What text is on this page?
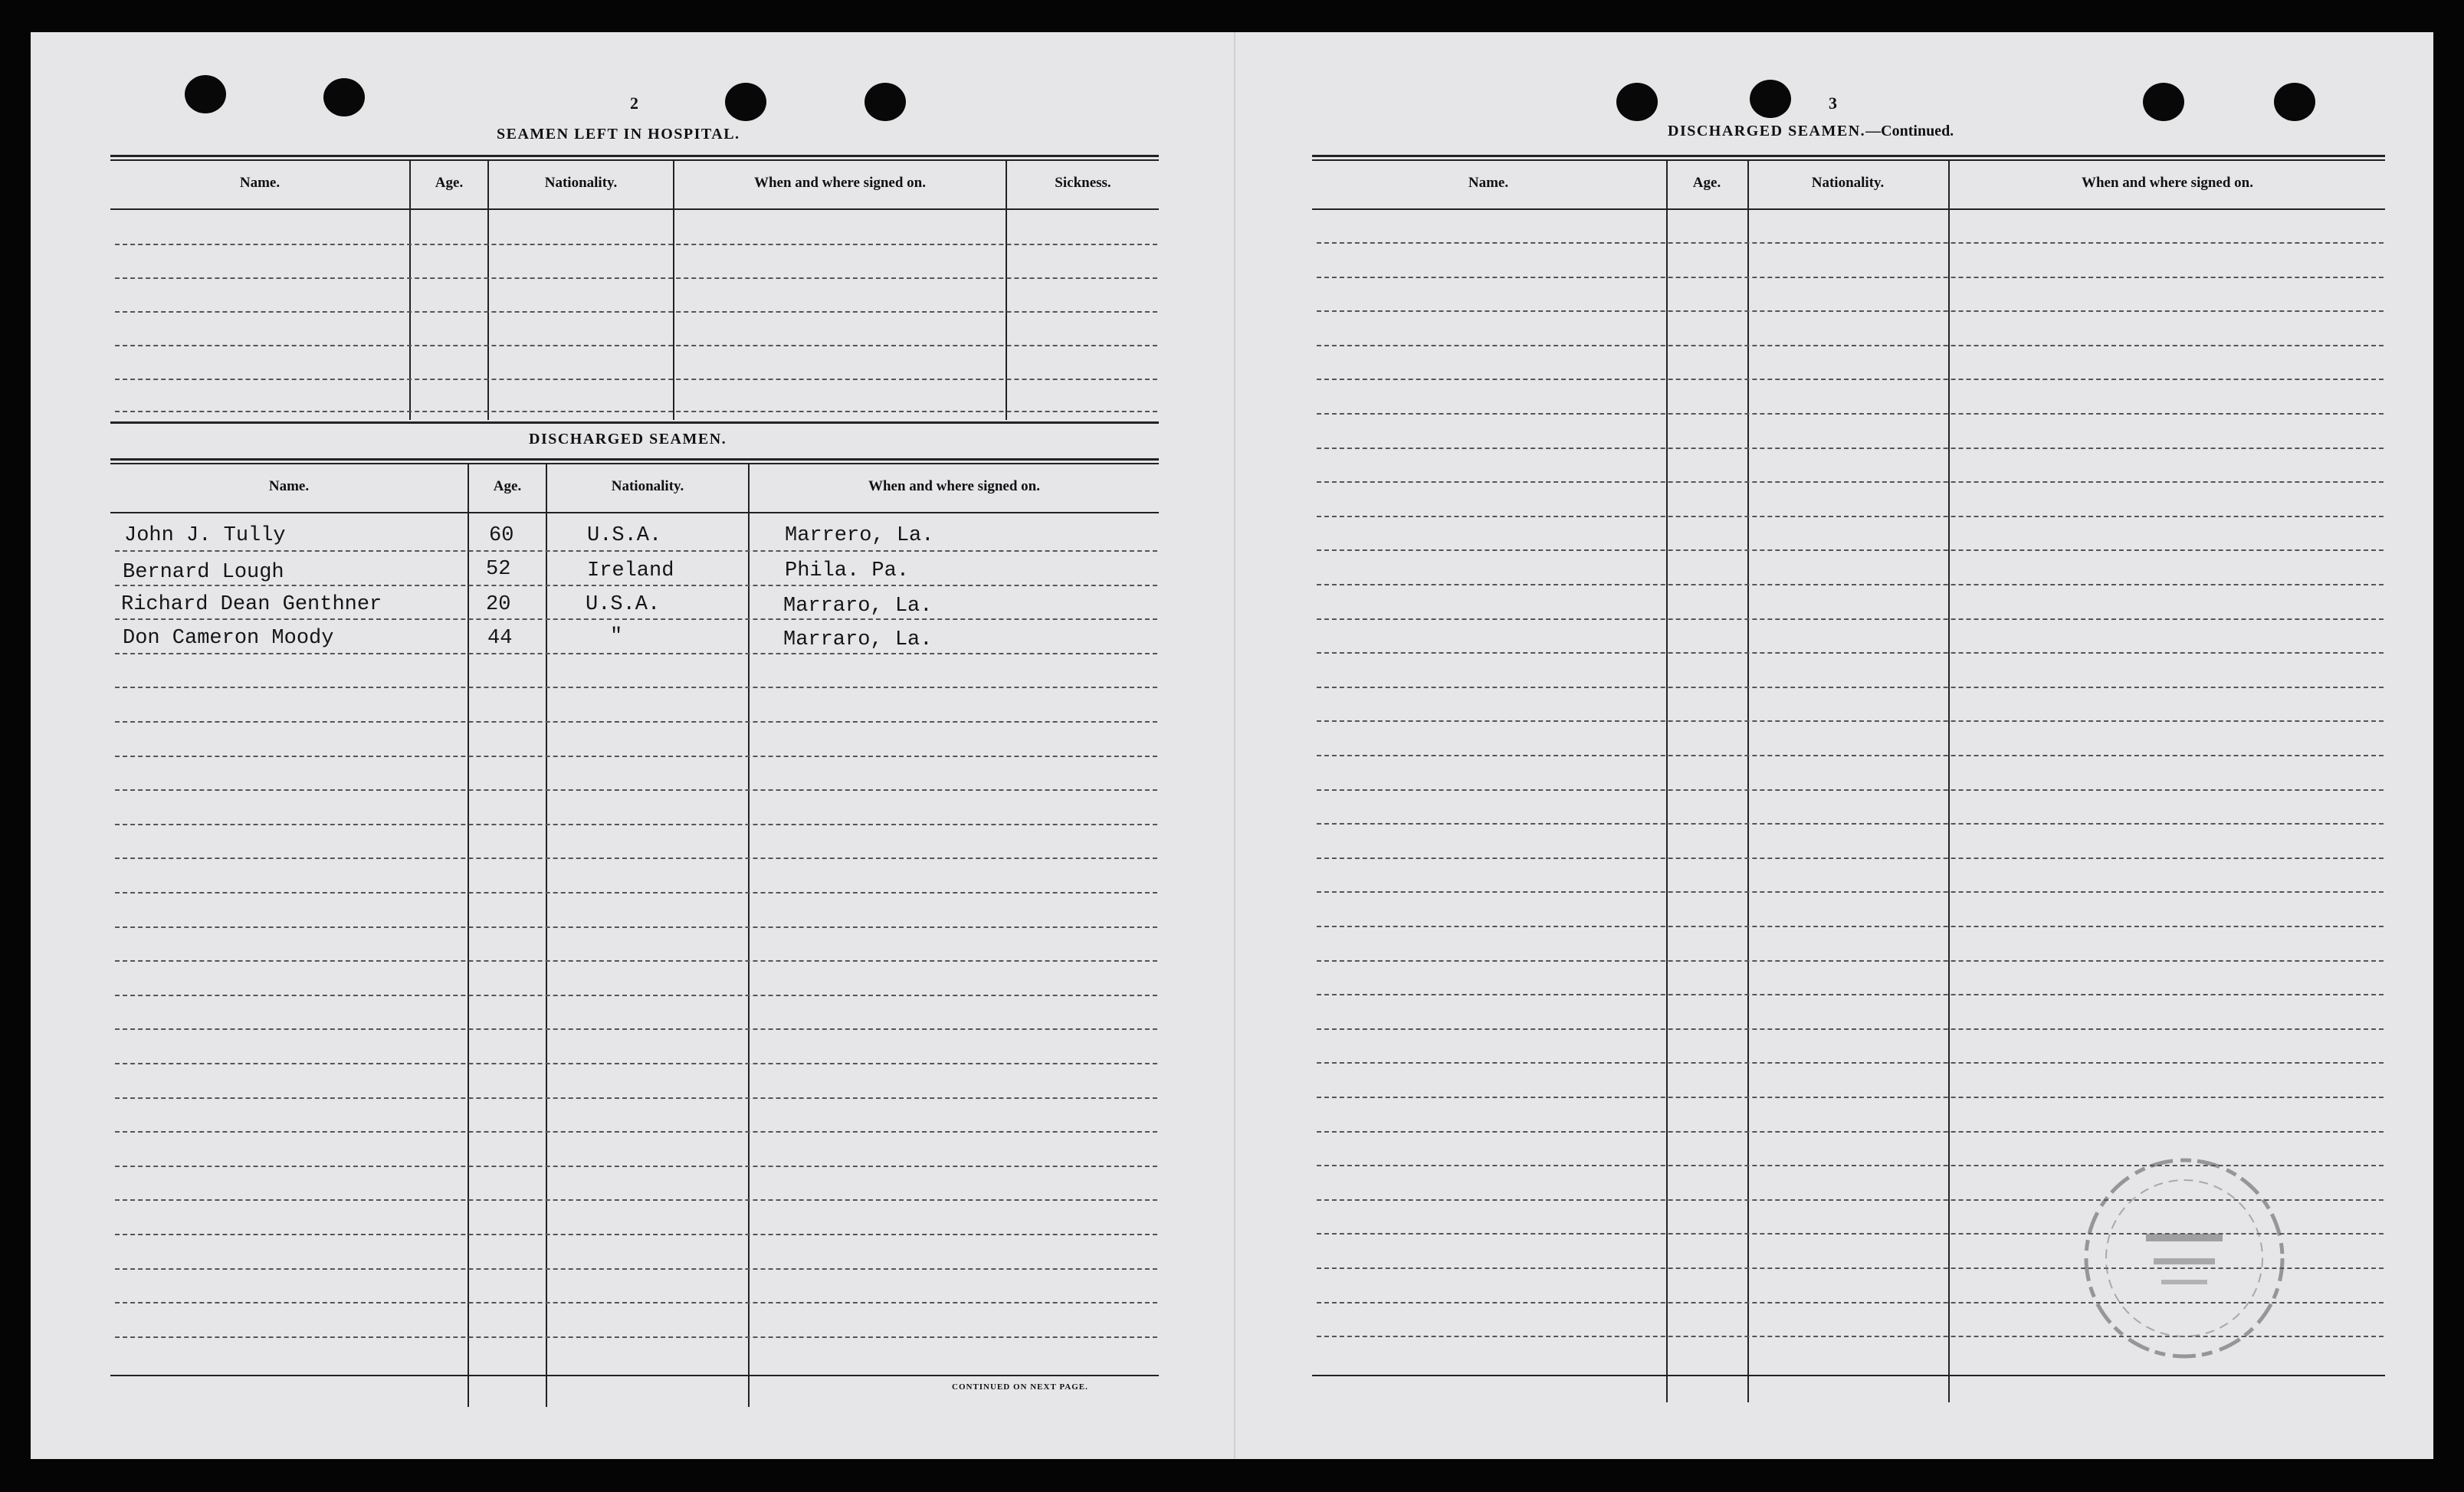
2
SEAMEN LEFT IN HOSPITAL.
Name.	Age.	Nationality.	When and where signed on.	Sickness.
DISCHARGED SEAMEN.
Name.	Age.	Nationality.	When and where signed on.
John J. Tully	60	U.S.A.	Marrero, La.
Bernard Lough	52	Ireland	Phila. Pa.
Richard Dean Genthner	20	U.S.A.	Marraro, La.
Don Cameron Moody	44	"	Marraro, La.
CONTINUED ON NEXT PAGE.
3
DISCHARGED SEAMEN.—Continued.
Name.	Age.	Nationality.	When and where signed on.
